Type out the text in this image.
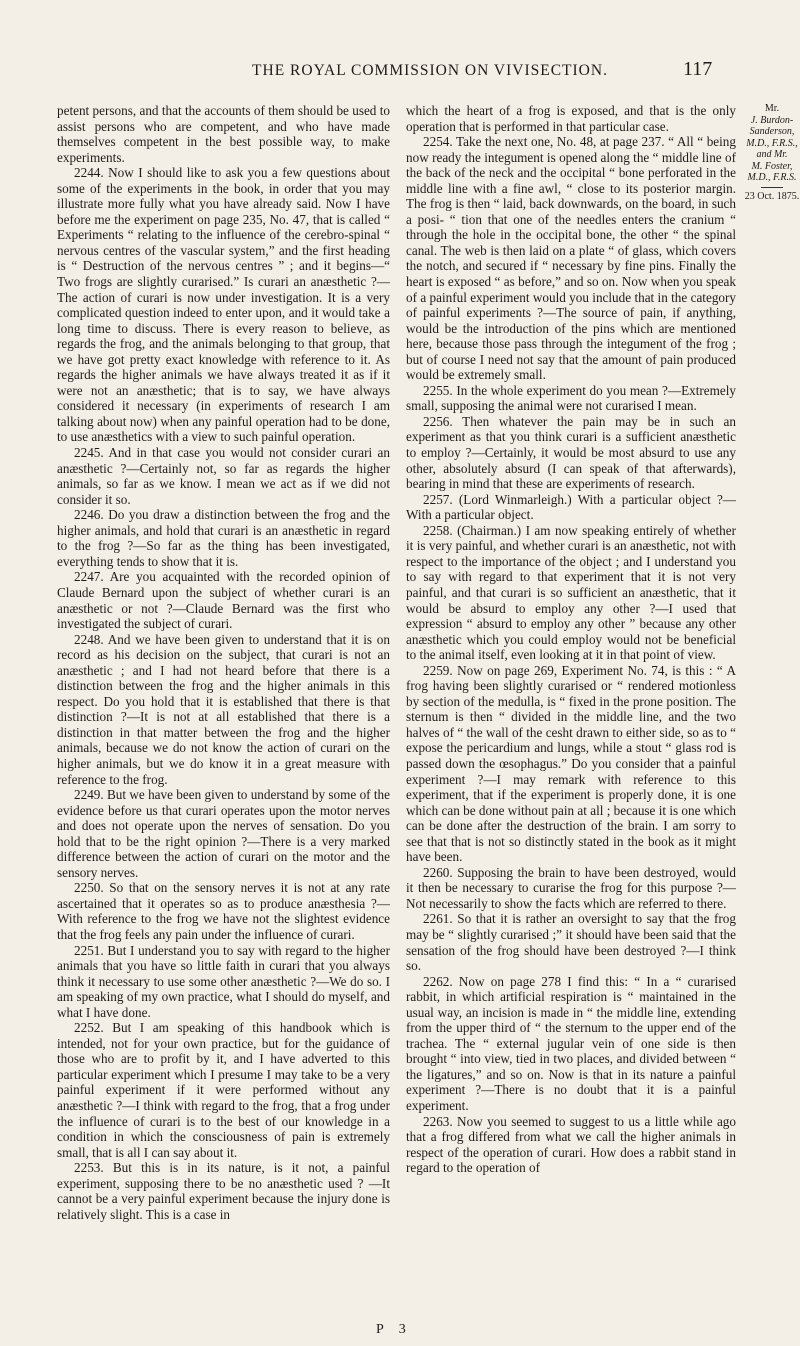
THE ROYAL COMMISSION ON VIVISECTION.	117

petent persons, and that the accounts of them should be used to assist persons who are competent, and who have made themselves competent in the best possible way, to make experiments.

2244. Now I should like to ask you a few questions about some of the experiments in the book, in order that you may illustrate more fully what you have already said. Now I have before me the experiment on page 235, No. 47, that is called “ Experiments “ relating to the influence of the cerebro-spinal “ nervous centres of the vascular system,” and the first heading is “ Destruction of the nervous centres ” ; and it begins—“ Two frogs are slightly curarised.” Is curari an anæsthetic ?—The action of curari is now under investigation. It is a very complicated question indeed to enter upon, and it would take a long time to discuss. There is every reason to believe, as regards the frog, and the animals belonging to that group, that we have got pretty exact knowledge with reference to it. As regards the higher animals we have always treated it as if it were not an anæsthetic; that is to say, we have always considered it necessary (in experiments of research I am talking about now) when any painful operation had to be done, to use anæsthetics with a view to such painful operation.

2245. And in that case you would not consider curari an anæsthetic ?—Certainly not, so far as regards the higher animals, so far as we know. I mean we act as if we did not consider it so.

2246. Do you draw a distinction between the frog and the higher animals, and hold that curari is an anæsthetic in regard to the frog ?—So far as the thing has been investigated, everything tends to show that it is.

2247. Are you acquainted with the recorded opinion of Claude Bernard upon the subject of whether curari is an anæsthetic or not ?—Claude Bernard was the first who investigated the subject of curari.

2248. And we have been given to understand that it is on record as his decision on the subject, that curari is not an anæsthetic ; and I had not heard before that there is a distinction between the frog and the higher animals in this respect. Do you hold that it is established that there is that distinction ?—It is not at all established that there is a distinction in that matter between the frog and the higher animals, because we do not know the action of curari on the higher animals, but we do know it in a great measure with reference to the frog.

2249. But we have been given to understand by some of the evidence before us that curari operates upon the motor nerves and does not operate upon the nerves of sensation. Do you hold that to be the right opinion ?—There is a very marked difference between the action of curari on the motor and the sensory nerves.

2250. So that on the sensory nerves it is not at any rate ascertained that it operates so as to produce anæsthesia ?—With reference to the frog we have not the slightest evidence that the frog feels any pain under the influence of curari.

2251. But I understand you to say with regard to the higher animals that you have so little faith in curari that you always think it necessary to use some other anæsthetic ?—We do so. I am speaking of my own practice, what I should do myself, and what I have done.

2252. But I am speaking of this handbook which is intended, not for your own practice, but for the guidance of those who are to profit by it, and I have adverted to this particular experiment which I presume I may take to be a very painful experiment if it were performed without any anæsthetic ?—I think with regard to the frog, that a frog under the influence of curari is to the best of our knowledge in a condition in which the consciousness of pain is extremely small, that is all I can say about it.

2253. But this is in its nature, is it not, a painful experiment, supposing there to be no anæsthetic used ? —It cannot be a very painful experiment because the injury done is relatively slight. This is a case in

which the heart of a frog is exposed, and that is the only operation that is performed in that particular case.

2254. Take the next one, No. 48, at page 237. “ All “ being now ready the integument is opened along the “ middle line of the back of the neck and the occipital “ bone perforated in the middle line with a fine awl, “ close to its posterior margin. The frog is then “ laid, back downwards, on the board, in such a posi- “ tion that one of the needles enters the cranium “ through the hole in the occipital bone, the other “ the spinal canal. The web is then laid on a plate “ of glass, which covers the notch, and secured if “ necessary by fine pins. Finally the heart is exposed “ as before,” and so on. Now when you speak of a painful experiment would you include that in the category of painful experiments ?—The source of pain, if anything, would be the introduction of the pins which are mentioned here, because those pass through the integument of the frog ; but of course I need not say that the amount of pain produced would be extremely small.

2255. In the whole experiment do you mean ?—Extremely small, supposing the animal were not curarised I mean.

2256. Then whatever the pain may be in such an experiment as that you think curari is a sufficient anæsthetic to employ ?—Certainly, it would be most absurd to use any other, absolutely absurd (I can speak of that afterwards), bearing in mind that these are experiments of research.

2257. (Lord Winmarleigh.) With a particular object ?—With a particular object.

2258. (Chairman.) I am now speaking entirely of whether it is very painful, and whether curari is an anæsthetic, not with respect to the importance of the object ; and I understand you to say with regard to that experiment that it is not very painful, and that curari is so sufficient an anæsthetic, that it would be absurd to employ any other ?—I used that expression “ absurd to employ any other ” because any other anæsthetic which you could employ would not be beneficial to the animal itself, even looking at it in that point of view.

2259. Now on page 269, Experiment No. 74, is this : “ A frog having been slightly curarised or “ rendered motionless by section of the medulla, is “ fixed in the prone position. The sternum is then “ divided in the middle line, and the two halves of “ the wall of the cesht drawn to either side, so as to “ expose the pericardium and lungs, while a stout “ glass rod is passed down the œsophagus.” Do you consider that a painful experiment ?—I may remark with reference to this experiment, that if the experiment is properly done, it is one which can be done without pain at all ; because it is one which can be done after the destruction of the brain. I am sorry to see that that is not so distinctly stated in the book as it might have been.

2260. Supposing the brain to have been destroyed, would it then be necessary to curarise the frog for this purpose ?—Not necessarily to show the facts which are referred to there.

2261. So that it is rather an oversight to say that the frog may be “ slightly curarised ;” it should have been said that the sensation of the frog should have been destroyed ?—I think so.

2262. Now on page 278 I find this: “ In a “ curarised rabbit, in which artificial respiration is “ maintained in the usual way, an incision is made in “ the middle line, extending from the upper third of “ the sternum to the upper end of the trachea. The “ external jugular vein of one side is then brought “ into view, tied in two places, and divided between “ the ligatures,” and so on. Now is that in its nature a painful experiment ?—There is no doubt that it is a painful experiment.

2263. Now you seemed to suggest to us a little while ago that a frog differed from what we call the higher animals in respect of the operation of curari. How does a rabbit stand in regard to the operation of

Mr.
J. Burdon-
Sanderson,
M.D., F.R.S.,
and Mr.
M. Foster,
M.D., F.R.S.
23 Oct. 1875.
P 3
